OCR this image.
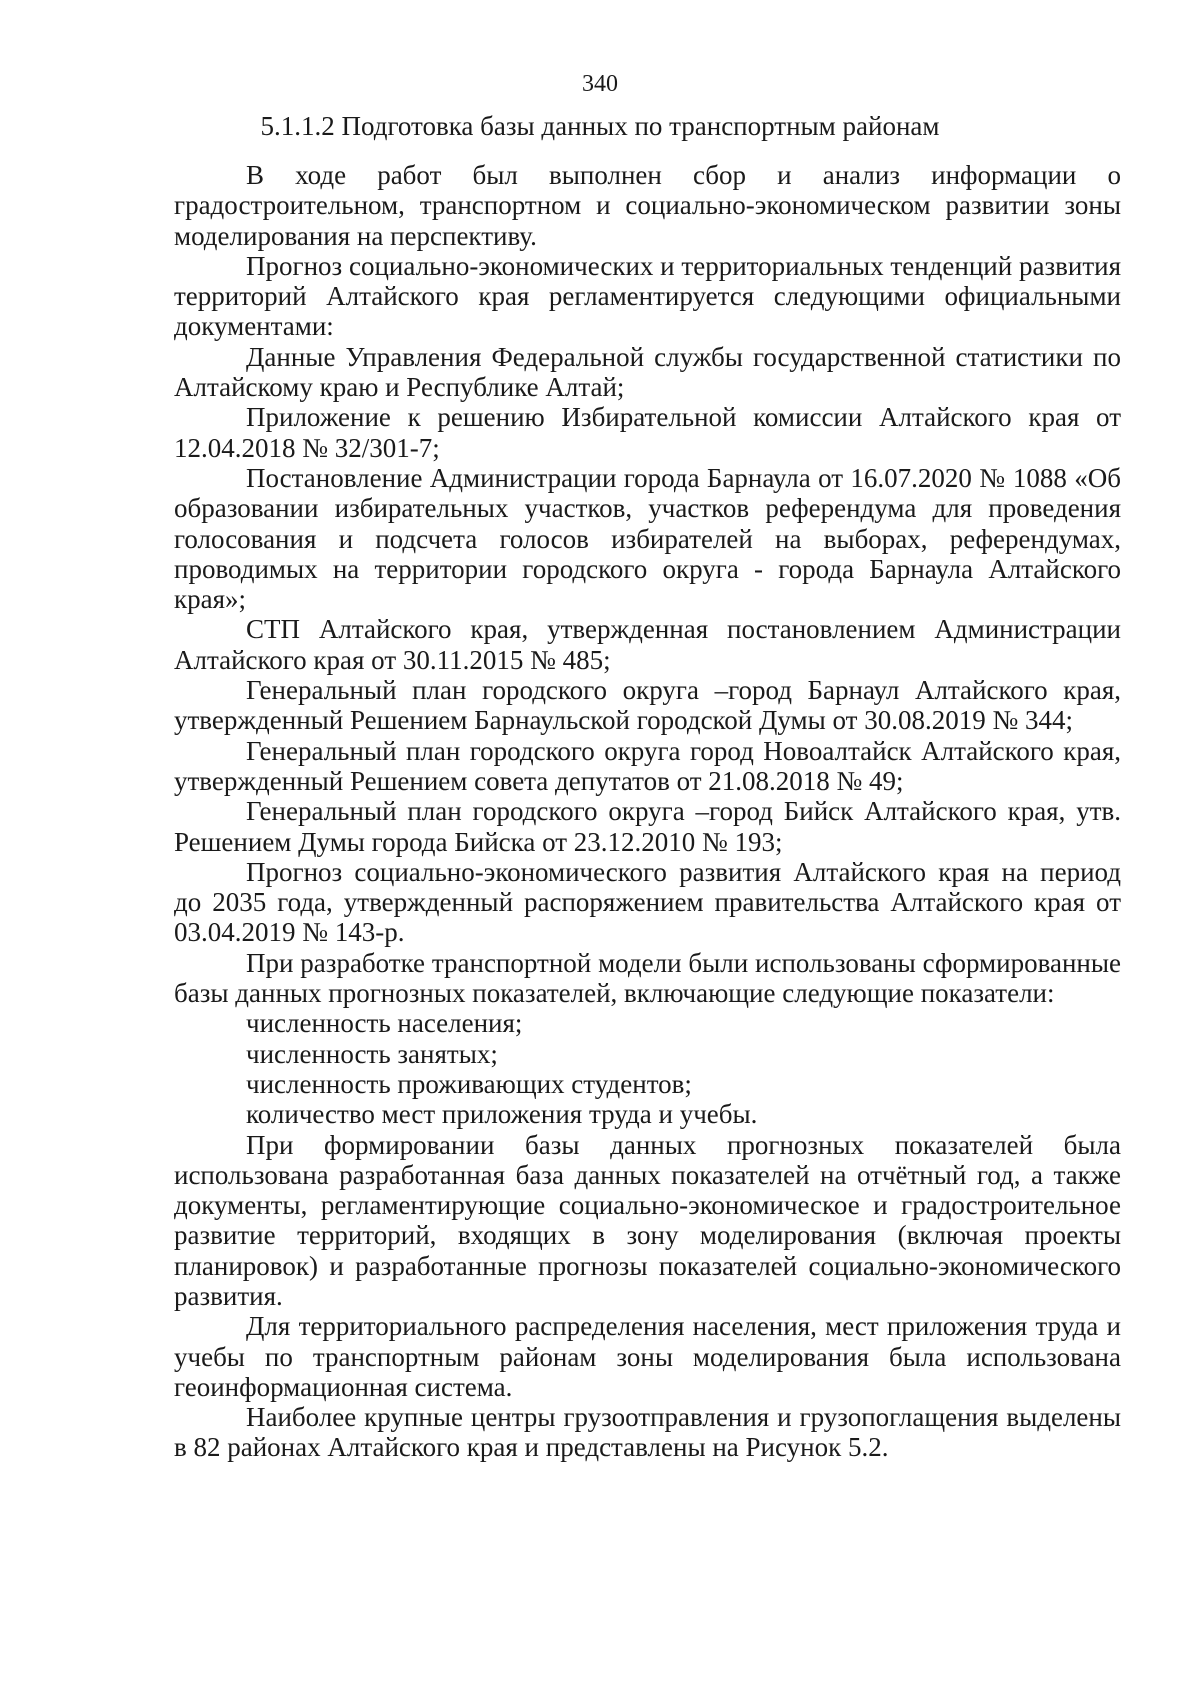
340
5.1.1.2 Подготовка базы данных по транспортным районам

В ходе работ был выполнен сбор и анализ информации о градостроительном, транспортном и социально-экономическом развитии зоны моделирования на перспективу.

Прогноз социально-экономических и территориальных тенденций развития территорий Алтайского края регламентируется следующими официальными документами:

Данные Управления Федеральной службы государственной статистики по Алтайскому краю и Республике Алтай;

Приложение к решению Избирательной комиссии Алтайского края от 12.04.2018 № 32/301-7;

Постановление Администрации города Барнаула от 16.07.2020 № 1088 «Об образовании избирательных участков, участков референдума для проведения голосования и подсчета голосов избирателей на выборах, референдумах, проводимых на территории городского округа - города Барнаула Алтайского края»;

СТП Алтайского края, утвержденная постановлением Администрации Алтайского края от 30.11.2015 № 485;

Генеральный план городского округа –город Барнаул Алтайского края, утвержденный Решением Барнаульской городской Думы от 30.08.2019 № 344;

Генеральный план городского округа город Новоалтайск Алтайского края, утвержденный Решением совета депутатов от 21.08.2018 № 49;

Генеральный план городского округа –город Бийск Алтайского края, утв. Решением Думы города Бийска от 23.12.2010 № 193;

Прогноз социально-экономического развития Алтайского края на период до 2035 года, утвержденный распоряжением правительства Алтайского края от 03.04.2019 № 143-р.

При разработке транспортной модели были использованы сформированные базы данных прогнозных показателей, включающие следующие показатели:

численность населения;

численность занятых;

численность проживающих студентов;

количество мест приложения труда и учебы.

При формировании базы данных прогнозных показателей была использована разработанная база данных показателей на отчётный год, а также документы, регламентирующие социально-экономическое и градостроительное развитие территорий, входящих в зону моделирования (включая проекты планировок) и разработанные прогнозы показателей социально-экономического развития.

Для территориального распределения населения, мест приложения труда и учебы по транспортным районам зоны моделирования была использована геоинформационная система.

Наиболее крупные центры грузоотправления и грузопоглащения выделены в 82 районах Алтайского края и представлены на Рисунок 5.2.
